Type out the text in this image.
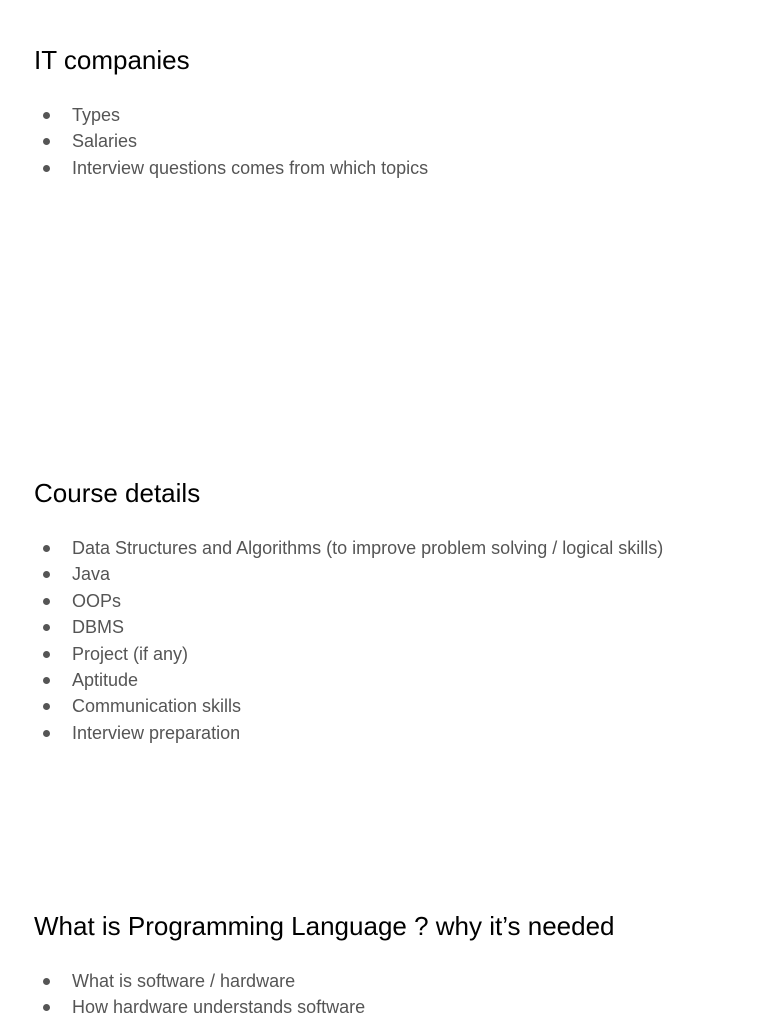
IT companies
Types
Salaries
Interview questions comes from which topics
Course details
Data Structures and Algorithms (to improve problem solving / logical skills)
Java
OOPs
DBMS
Project (if any)
Aptitude
Communication skills
Interview preparation
What is Programming Language ? why it’s needed
What is software / hardware
How hardware understands software
